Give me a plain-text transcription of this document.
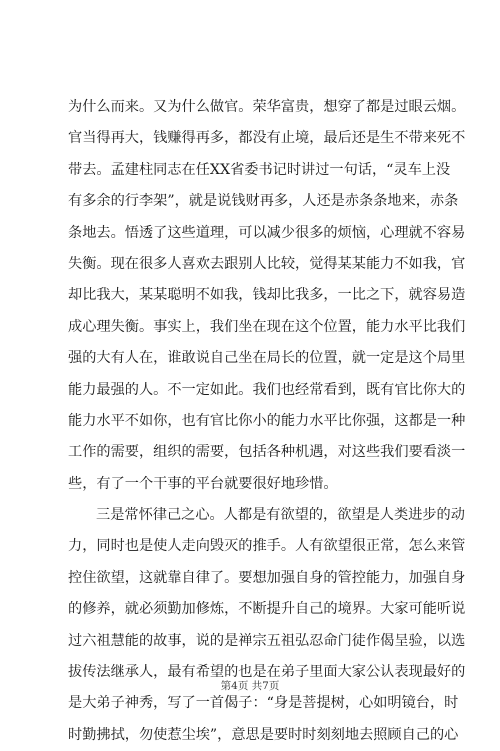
为什么而来。又为什么做官。荣华富贵，想穿了都是过眼云烟。
官当得再大，钱赚得再多，都没有止境，最后还是生不带来死不
带去。孟建柱同志在任XX省委书记时讲过一句话，“灵车上没
有多余的行李架”，就是说钱财再多，人还是赤条条地来，赤条
条地去。悟透了这些道理，可以减少很多的烦恼，心理就不容易
失衡。现在很多人喜欢去跟别人比较，觉得某某能力不如我，官
却比我大，某某聪明不如我，钱却比我多，一比之下，就容易造
成心理失衡。事实上，我们坐在现在这个位置，能力水平比我们
强的大有人在，谁敢说自己坐在局长的位置，就一定是这个局里
能力最强的人。不一定如此。我们也经常看到，既有官比你大的
能力水平不如你，也有官比你小的能力水平比你强，这都是一种
工作的需要，组织的需要，包括各种机遇，对这些我们要看淡一
些，有了一个干事的平台就要很好地珍惜。
三是常怀律己之心。人都是有欲望的，欲望是人类进步的动
力，同时也是使人走向毁灭的推手。人有欲望很正常，怎么来管
控住欲望，这就靠自律了。要想加强自身的管控能力，加强自身
的修养，就必须勤加修炼，不断提升自己的境界。大家可能听说
过六祖慧能的故事，说的是禅宗五祖弘忍命门徒作偈呈验，以选
拔传法继承人，最有希望的也是在弟子里面大家公认表现最好的
是大弟子神秀，写了一首偈子：“身是菩提树，心如明镜台，时
时勤拂拭，勿使惹尘埃”，意思是要时时刻刻地去照顾自己的心
第4页 共7页
